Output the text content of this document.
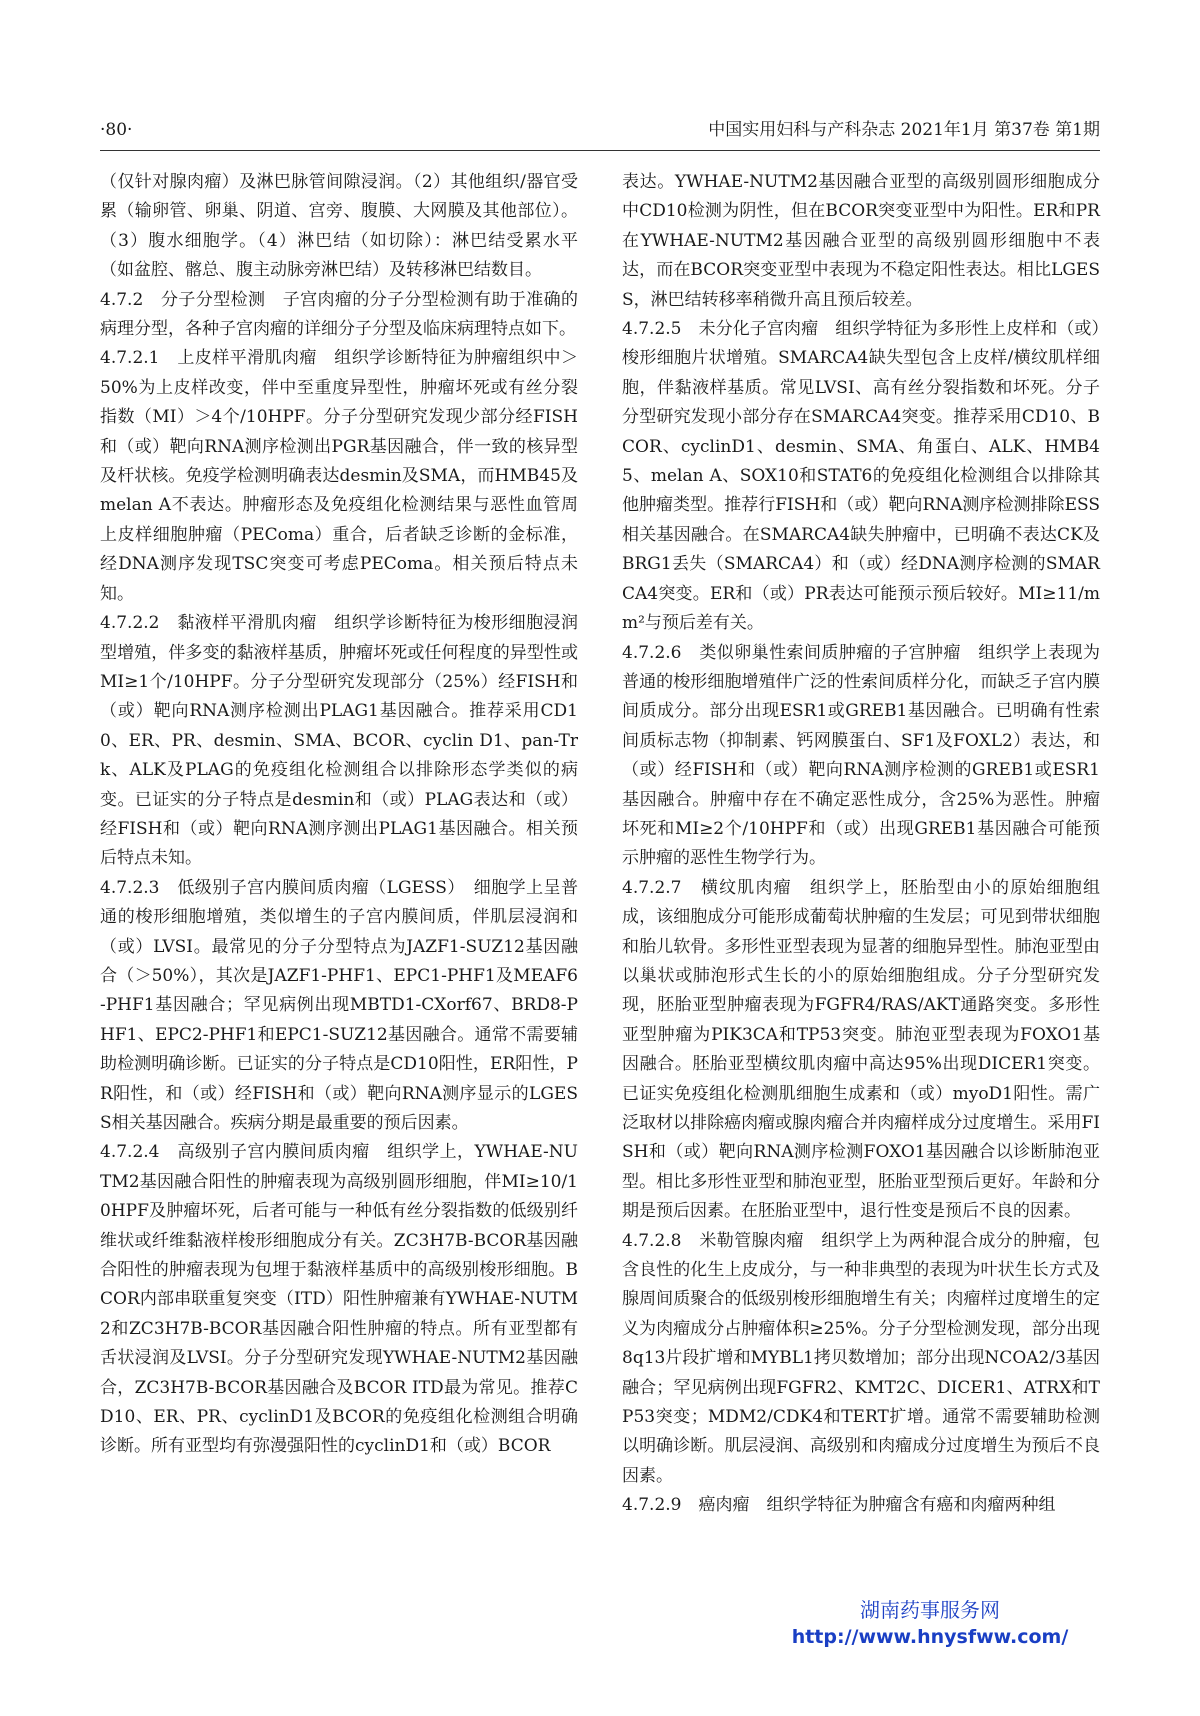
·80·	中国实用妇科与产科杂志 2021年1月 第37卷 第1期

（仅针对腺肉瘤）及淋巴脉管间隙浸润。（2）其他组织/器官受累（输卵管、卵巢、阴道、宫旁、腹膜、大网膜及其他部位）。（3）腹水细胞学。（4）淋巴结（如切除）：淋巴结受累水平（如盆腔、髂总、腹主动脉旁淋巴结）及转移淋巴结数目。

4.7.2　分子分型检测　子宫肉瘤的分子分型检测有助于准确的病理分型，各种子宫肉瘤的详细分子分型及临床病理特点如下。

4.7.2.1　上皮样平滑肌肉瘤　组织学诊断特征为肿瘤组织中＞50%为上皮样改变，伴中至重度异型性，肿瘤坏死或有丝分裂指数（MI）＞4个/10HPF。分子分型研究发现少部分经FISH和（或）靶向RNA测序检测出PGR基因融合，伴一致的核异型及杆状核。免疫学检测明确表达desmin及SMA，而HMB45及melan A不表达。肿瘤形态及免疫组化检测结果与恶性血管周上皮样细胞肿瘤（PEComa）重合，后者缺乏诊断的金标准，经DNA测序发现TSC突变可考虑PEComa。相关预后特点未知。

4.7.2.2　黏液样平滑肌肉瘤　组织学诊断特征为梭形细胞浸润型增殖，伴多变的黏液样基质，肿瘤坏死或任何程度的异型性或MI≥1个/10HPF。分子分型研究发现部分（25%）经FISH和（或）靶向RNA测序检测出PLAG1基因融合。推荐采用CD10、ER、PR、desmin、SMA、BCOR、cyclin D1、pan-Trk、ALK及PLAG的免疫组化检测组合以排除形态学类似的病变。已证实的分子特点是desmin和（或）PLAG表达和（或）经FISH和（或）靶向RNA测序测出PLAG1基因融合。相关预后特点未知。

4.7.2.3　低级别子宫内膜间质肉瘤（LGESS）　细胞学上呈普通的梭形细胞增殖，类似增生的子宫内膜间质，伴肌层浸润和（或）LVSI。最常见的分子分型特点为JAZF1-SUZ12基因融合（＞50%），其次是JAZF1-PHF1、EPC1-PHF1及MEAF6-PHF1基因融合；罕见病例出现MBTD1-CXorf67、BRD8-PHF1、EPC2-PHF1和EPC1-SUZ12基因融合。通常不需要辅助检测明确诊断。已证实的分子特点是CD10阳性，ER阳性，PR阳性，和（或）经FISH和（或）靶向RNA测序显示的LGESS相关基因融合。疾病分期是最重要的预后因素。

4.7.2.4　高级别子宫内膜间质肉瘤　组织学上，YWHAE-NUTM2基因融合阳性的肿瘤表现为高级别圆形细胞，伴MI≥10/10HPF及肿瘤坏死，后者可能与一种低有丝分裂指数的低级别纤维状或纤维黏液样梭形细胞成分有关。ZC3H7B-BCOR基因融合阳性的肿瘤表现为包埋于黏液样基质中的高级别梭形细胞。BCOR内部串联重复突变（ITD）阳性肿瘤兼有YWHAE-NUTM2和ZC3H7B-BCOR基因融合阳性肿瘤的特点。所有亚型都有舌状浸润及LVSI。分子分型研究发现YWHAE-NUTM2基因融合，ZC3H7B-BCOR基因融合及BCOR ITD最为常见。推荐CD10、ER、PR、cyclinD1及BCOR的免疫组化检测组合明确诊断。所有亚型均有弥漫强阳性的cyclinD1和（或）BCOR

表达。YWHAE-NUTM2基因融合亚型的高级别圆形细胞成分中CD10检测为阴性，但在BCOR突变亚型中为阳性。ER和PR在YWHAE-NUTM2基因融合亚型的高级别圆形细胞中不表达，而在BCOR突变亚型中表现为不稳定阳性表达。相比LGESS，淋巴结转移率稍微升高且预后较差。

4.7.2.5　未分化子宫肉瘤　组织学特征为多形性上皮样和（或）梭形细胞片状增殖。SMARCA4缺失型包含上皮样/横纹肌样细胞，伴黏液样基质。常见LVSI、高有丝分裂指数和坏死。分子分型研究发现小部分存在SMARCA4突变。推荐采用CD10、BCOR、cyclinD1、desmin、SMA、角蛋白、ALK、HMB45、melan A、SOX10和STAT6的免疫组化检测组合以排除其他肿瘤类型。推荐行FISH和（或）靶向RNA测序检测排除ESS相关基因融合。在SMARCA4缺失肿瘤中，已明确不表达CK及BRG1丢失（SMARCA4）和（或）经DNA测序检测的SMARCA4突变。ER和（或）PR表达可能预示预后较好。MI≥11/mm²与预后差有关。

4.7.2.6　类似卵巢性索间质肿瘤的子宫肿瘤　组织学上表现为普通的梭形细胞增殖伴广泛的性索间质样分化，而缺乏子宫内膜间质成分。部分出现ESR1或GREB1基因融合。已明确有性索间质标志物（抑制素、钙网膜蛋白、SF1及FOXL2）表达，和（或）经FISH和（或）靶向RNA测序检测的GREB1或ESR1基因融合。肿瘤中存在不确定恶性成分，含25%为恶性。肿瘤坏死和MI≥2个/10HPF和（或）出现GREB1基因融合可能预示肿瘤的恶性生物学行为。

4.7.2.7　横纹肌肉瘤　组织学上，胚胎型由小的原始细胞组成，该细胞成分可能形成葡萄状肿瘤的生发层；可见到带状细胞和胎儿软骨。多形性亚型表现为显著的细胞异型性。肺泡亚型由以巢状或肺泡形式生长的小的原始细胞组成。分子分型研究发现，胚胎亚型肿瘤表现为FGFR4/RAS/AKT通路突变。多形性亚型肿瘤为PIK3CA和TP53突变。肺泡亚型表现为FOXO1基因融合。胚胎亚型横纹肌肉瘤中高达95%出现DICER1突变。已证实免疫组化检测肌细胞生成素和（或）myoD1阳性。需广泛取材以排除癌肉瘤或腺肉瘤合并肉瘤样成分过度增生。采用FISH和（或）靶向RNA测序检测FOXO1基因融合以诊断肺泡亚型。相比多形性亚型和肺泡亚型，胚胎亚型预后更好。年龄和分期是预后因素。在胚胎亚型中，退行性变是预后不良的因素。

4.7.2.8　米勒管腺肉瘤　组织学上为两种混合成分的肿瘤，包含良性的化生上皮成分，与一种非典型的表现为叶状生长方式及腺周间质聚合的低级别梭形细胞增生有关；肉瘤样过度增生的定义为肉瘤成分占肿瘤体积≥25%。分子分型检测发现，部分出现8q13片段扩增和MYBL1拷贝数增加；部分出现NCOA2/3基因融合；罕见病例出现FGFR2、KMT2C、DICER1、ATRX和TP53突变；MDM2/CDK4和TERT扩增。通常不需要辅助检测以明确诊断。肌层浸润、高级别和肉瘤成分过度增生为预后不良因素。

4.7.2.9　癌肉瘤　组织学特征为肿瘤含有癌和肉瘤两种组

湖南药事服务网
http://www.hnysfww.com/
